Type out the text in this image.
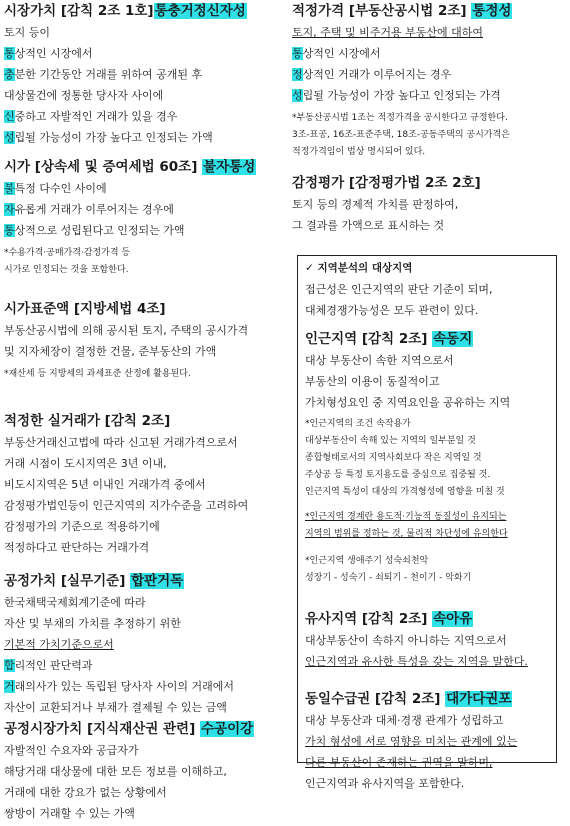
시장가치 [감칙 2조 1호]통충거정신자성
토지 등이
통상적인 시장에서
충분한 기간동안 거래를 위하여 공개된 후
대상물건에 정통한 당사자 사이에
신중하고 자발적인 거래가 있을 경우
성립될 가능성이 가장 높다고 인정되는 가액
시가 [상속세 및 증여세법 60조] 불자통성
불특정 다수인 사이에
자유롭게 거래가 이루어지는 경우에
통상적으로 성립된다고 인정되는 가액
*수용가격·공매가격·감정가격 등
시가로 인정되는 것을 포함한다.
시가표준액 [지방세법 4조]
부동산공시법에 의해 공시된 토지, 주택의 공시가격
및 지자체장이 결정한 건물, 준부동산의 가액
*재산세 등 지방세의 과세표준 산정에 활용된다.
적정한 실거래가 [감칙 2조]
부동산거래신고법에 따라 신고된 거래가격으로서
거래 시점이 도시지역은 3년 이내,
비도시지역은 5년 이내인 거래가격 중에서
감정평가법인등이 인근지역의 지가수준을 고려하여
감정평가의 기준으로 적용하기에
적정하다고 판단하는 거래가격
공정가치 [실무기준] 합판거독
한국채택국제회계기준에 따라
자산 및 부채의 가치를 추정하기 위한
기본적 가치기준으로서
합리적인 판단력과
거래의사가 있는 독립된 당사자 사이의 거래에서
자산이 교환되거나 부채가 결제될 수 있는 금액
공정시장가치 [지식재산권 관련] 수공이강
자발적인 수요자와 공급자가
해당거래 대상물에 대한 모든 정보를 이해하고,
거래에 대한 강요가 없는 상황에서
쌍방이 거래할 수 있는 가액
적정가격 [부동산공시법 2조] 통정성
토지, 주택 및 비주거용 부동산에 대하여
통상적인 시장에서
정상적인 거래가 이루어지는 경우
성립될 가능성이 가장 높다고 인정되는 가격
*부동산공시법 1조는 적정가격을 공시한다고 규정한다.
3조-표공, 16조-표준주택, 18조-공동주택의 공시가격은
적정가격임이 법상 명시되어 있다.
감정평가 [감정평가법 2조 2호]
토지 등의 경제적 가치를 판정하여,
그 결과를 가액으로 표시하는 것
✓ 지역분석의 대상지역
접근성은 인근지역의 판단 기준이 되며,
대체경쟁가능성은 모두 관련이 있다.
인근지역 [감칙 2조] 속동지
대상 부동산이 속한 지역으로서
부동산의 이용이 동질적이고
가치형성요인 중 지역요인을 공유하는 지역
*인근지역의 조건 속작용가
대상부동산이 속해 있는 지역의 일부분일 것
종합형태로서의 지역사회보다 작은 지역일 것
주상공 등 특정 토지용도를 중심으로 집중될 것.
인근지역 특성이 대상의 가격형성에 영향을 미칠 것
*인근지역 경계란 용도적·기능적 동질성이 유지되는
지역의 범위를 정하는 것, 물리적 차단성에 유의한다
*인근지역 생애주기 성숙쇠천악
성장기 - 성숙기 - 쇠퇴기 - 천이기 - 악화기
유사지역 [감칙 2조] 속아유
대상부동산이 속하지 아니하는 지역으로서
인근지역과 유사한 특성을 갖는 지역을 말한다.
동일수급권 [감칙 2조] 대가다권포
대상 부동산과 대체·경쟁 관계가 성립하고
가치 형성에 서로 영향을 미치는 관계에 있는
다른 부동산이 존재하는 권역을 말하며,
인근지역과 유사지역을 포함한다.
